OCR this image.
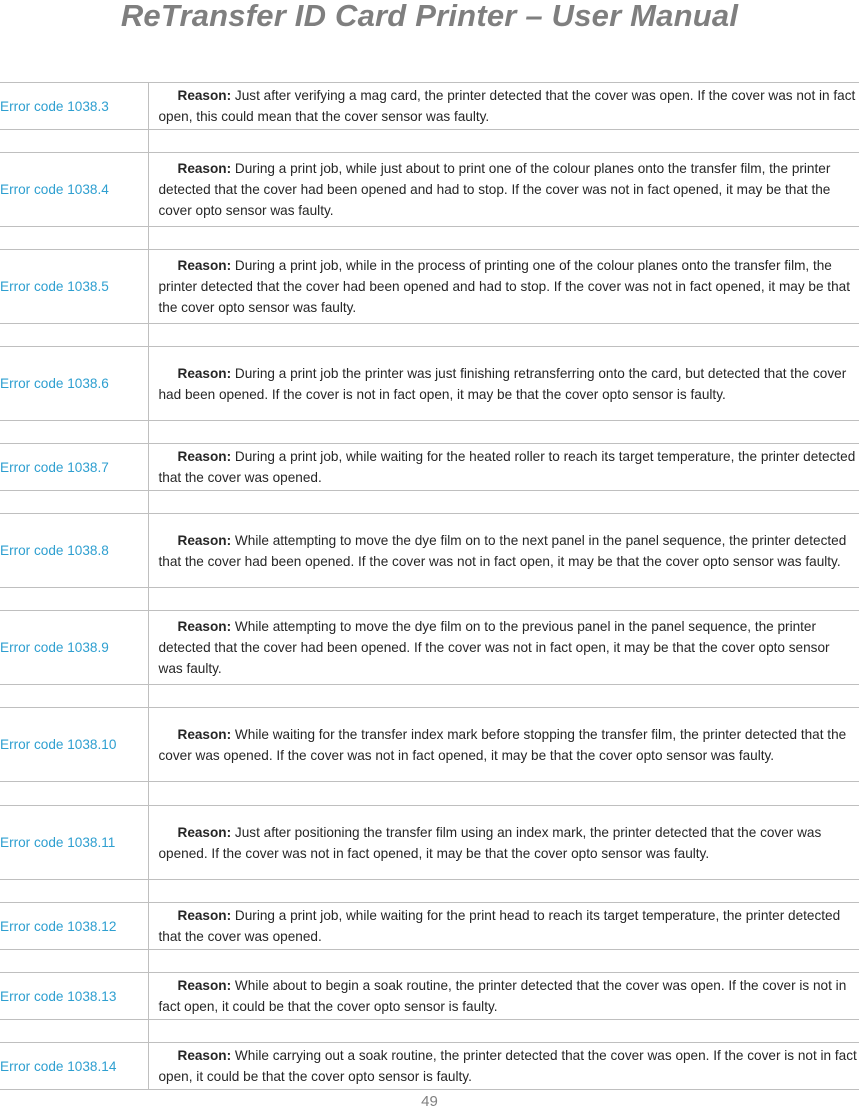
ReTransfer ID Card Printer – User Manual
Error code 1038.3	Reason: Just after verifying a mag card, the printer detected that the cover was open. If the cover was not in fact open, this could mean that the cover sensor was faulty.

Error code 1038.4	Reason: During a print job, while just about to print one of the colour planes onto the transfer film, the printer detected that the cover had been opened and had to stop. If the cover was not in fact opened, it may be that the cover opto sensor was faulty.

Error code 1038.5	Reason: During a print job, while in the process of printing one of the colour planes onto the transfer film, the printer detected that the cover had been opened and had to stop. If the cover was not in fact opened, it may be that the cover opto sensor was faulty.

Error code 1038.6	Reason: During a print job the printer was just finishing retransferring onto the card, but detected that the cover had been opened. If the cover is not in fact open, it may be that the cover opto sensor is faulty.

Error code 1038.7	Reason: During a print job, while waiting for the heated roller to reach its target temperature, the printer detected that the cover was opened.

Error code 1038.8	Reason: While attempting to move the dye film on to the next panel in the panel sequence, the printer detected that the cover had been opened. If the cover was not in fact open, it may be that the cover opto sensor was faulty.

Error code 1038.9	Reason: While attempting to move the dye film on to the previous panel in the panel sequence, the printer detected that the cover had been opened. If the cover was not in fact open, it may be that the cover opto sensor was faulty.

Error code 1038.10	Reason: While waiting for the transfer index mark before stopping the transfer film, the printer detected that the cover was opened. If the cover was not in fact opened, it may be that the cover opto sensor was faulty.

Error code 1038.11	Reason: Just after positioning the transfer film using an index mark, the printer detected that the cover was opened. If the cover was not in fact opened, it may be that the cover opto sensor was faulty.

Error code 1038.12	Reason: During a print job, while waiting for the print head to reach its target temperature, the printer detected that the cover was opened.

Error code 1038.13	Reason: While about to begin a soak routine, the printer detected that the cover was open. If the cover is not in fact open, it could be that the cover opto sensor is faulty.

Error code 1038.14	Reason: While carrying out a soak routine, the printer detected that the cover was open. If the cover is not in fact open, it could be that the cover opto sensor is faulty.
49
